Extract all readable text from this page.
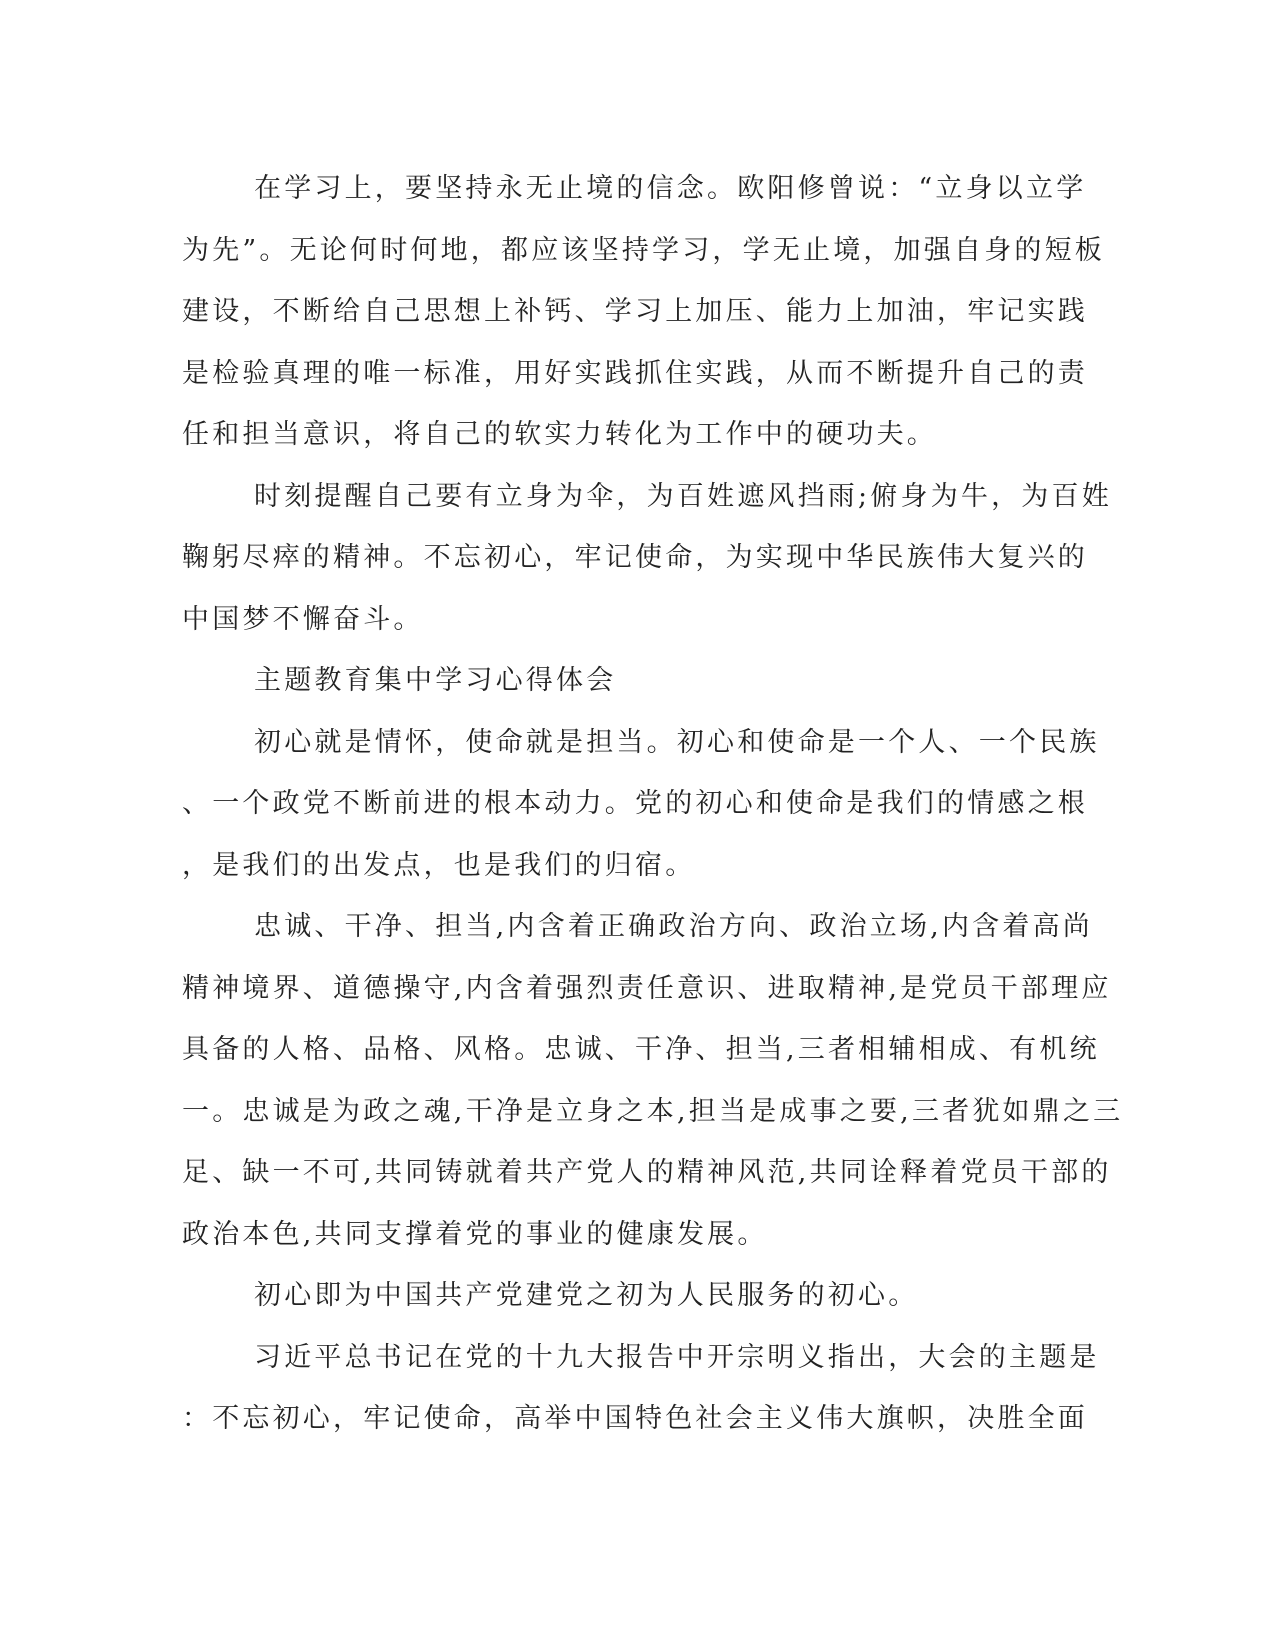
在学习上，要坚持永无止境的信念。欧阳修曾说：“立身以立学
为先”。无论何时何地，都应该坚持学习，学无止境，加强自身的短板
建设，不断给自己思想上补钙、学习上加压、能力上加油，牢记实践
是检验真理的唯一标准，用好实践抓住实践，从而不断提升自己的责
任和担当意识，将自己的软实力转化为工作中的硬功夫。
时刻提醒自己要有立身为伞，为百姓遮风挡雨;俯身为牛，为百姓
鞠躬尽瘁的精神。不忘初心，牢记使命，为实现中华民族伟大复兴的
中国梦不懈奋斗。
主题教育集中学习心得体会
初心就是情怀，使命就是担当。初心和使命是一个人、一个民族
、一个政党不断前进的根本动力。党的初心和使命是我们的情感之根
，是我们的出发点，也是我们的归宿。
忠诚、干净、担当,内含着正确政治方向、政治立场,内含着高尚
精神境界、道德操守,内含着强烈责任意识、进取精神,是党员干部理应
具备的人格、品格、风格。忠诚、干净、担当,三者相辅相成、有机统
一。忠诚是为政之魂,干净是立身之本,担当是成事之要,三者犹如鼎之三
足、缺一不可,共同铸就着共产党人的精神风范,共同诠释着党员干部的
政治本色,共同支撑着党的事业的健康发展。
初心即为中国共产党建党之初为人民服务的初心。
习近平总书记在党的十九大报告中开宗明义指出，大会的主题是
：不忘初心，牢记使命，高举中国特色社会主义伟大旗帜，决胜全面
